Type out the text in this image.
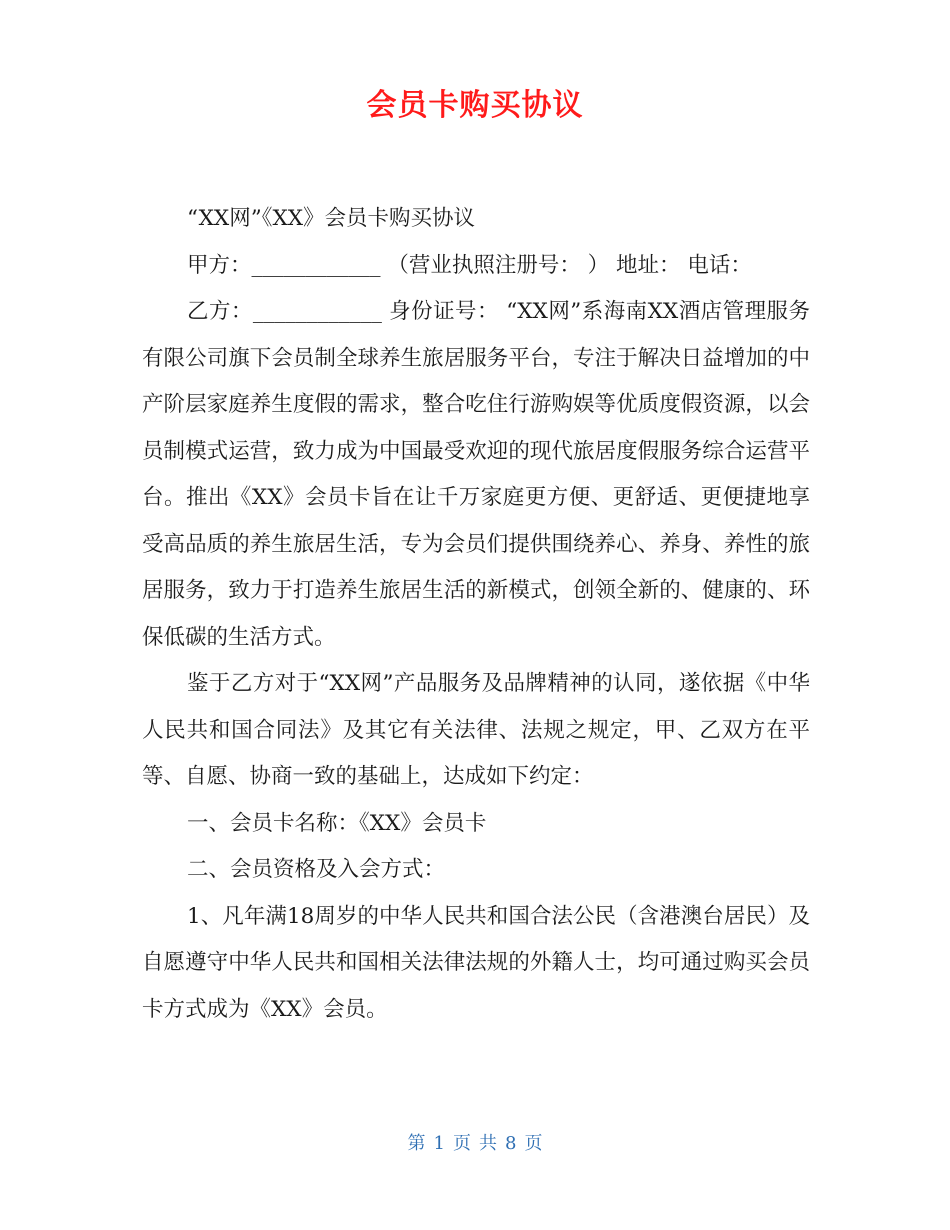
会员卡购买协议

“XX网”《XX》会员卡购买协议

甲方：____________ （营业执照注册号： ） 地址： 电话：

乙方：____________ 身份证号： “XX网”系海南XX酒店管理服务有限公司旗下会员制全球养生旅居服务平台，专注于解决日益增加的中产阶层家庭养生度假的需求，整合吃住行游购娱等优质度假资源，以会员制模式运营，致力成为中国最受欢迎的现代旅居度假服务综合运营平台。推出《XX》会员卡旨在让千万家庭更方便、更舒适、更便捷地享受高品质的养生旅居生活，专为会员们提供围绕养心、养身、养性的旅居服务，致力于打造养生旅居生活的新模式，创领全新的、健康的、环保低碳的生活方式。

鉴于乙方对于“XX网”产品服务及品牌精神的认同，遂依据《中华人民共和国合同法》及其它有关法律、法规之规定，甲、乙双方在平等、自愿、协商一致的基础上，达成如下约定：

一、会员卡名称：《XX》会员卡

二、会员资格及入会方式：

1、凡年满18周岁的中华人民共和国合法公民（含港澳台居民）及自愿遵守中华人民共和国相关法律法规的外籍人士，均可通过购买会员卡方式成为《XX》会员。

第 1 页 共 8 页
